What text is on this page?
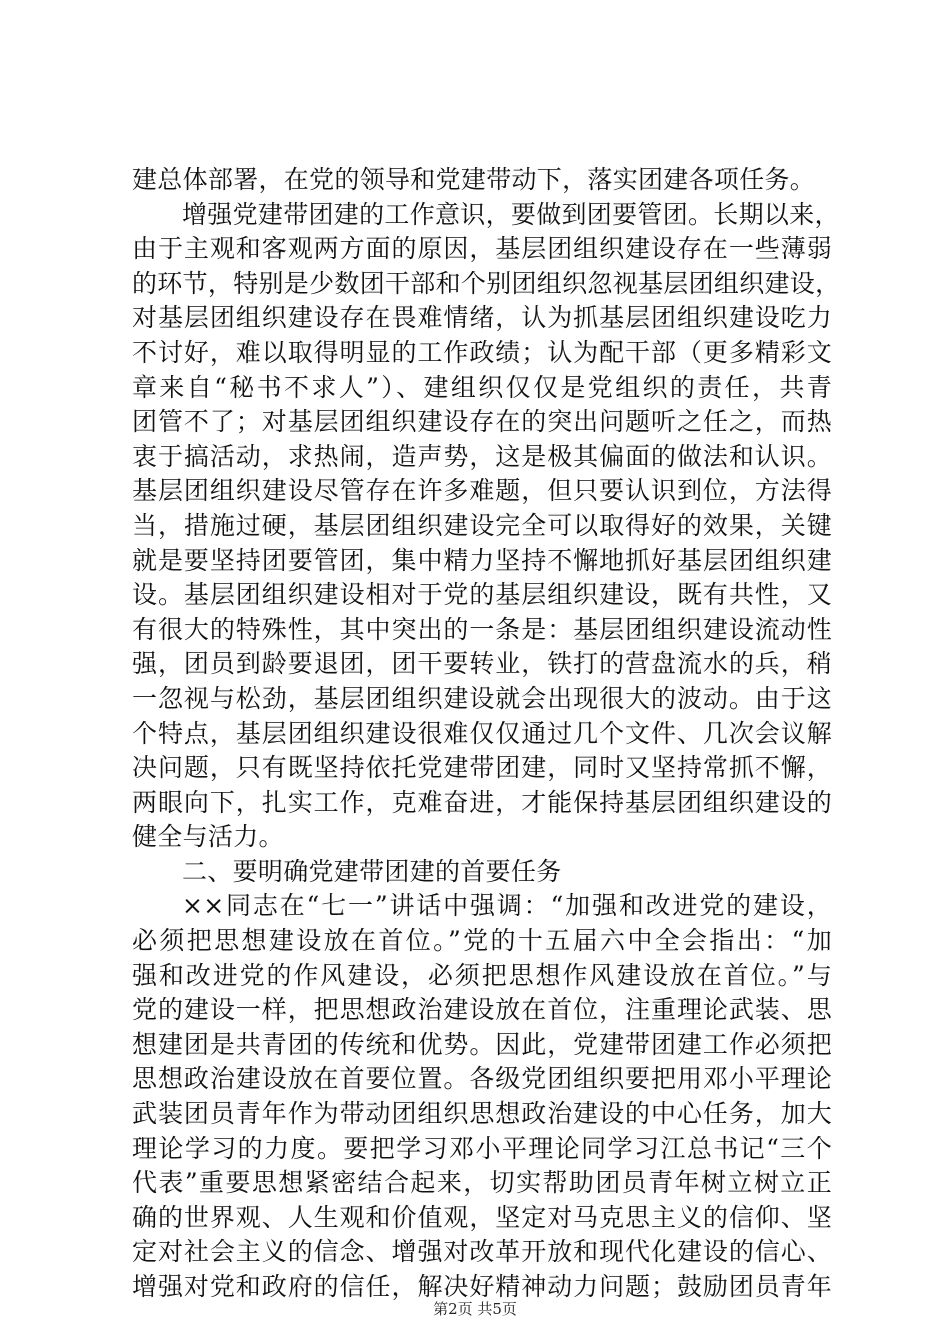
建总体部署，在党的领导和党建带动下，落实团建各项任务。
增强党建带团建的工作意识，要做到团要管团。长期以来，
由于主观和客观两方面的原因，基层团组织建设存在一些薄弱
的环节，特别是少数团干部和个别团组织忽视基层团组织建设，
对基层团组织建设存在畏难情绪，认为抓基层团组织建设吃力
不讨好，难以取得明显的工作政绩；认为配干部（更多精彩文
章来自“秘书不求人”）、建组织仅仅是党组织的责任，共青
团管不了；对基层团组织建设存在的突出问题听之任之，而热
衷于搞活动，求热闹，造声势，这是极其偏面的做法和认识。
基层团组织建设尽管存在许多难题，但只要认识到位，方法得
当，措施过硬，基层团组织建设完全可以取得好的效果，关键
就是要坚持团要管团，集中精力坚持不懈地抓好基层团组织建
设。基层团组织建设相对于党的基层组织建设，既有共性，又
有很大的特殊性，其中突出的一条是：基层团组织建设流动性
强，团员到龄要退团，团干要转业，铁打的营盘流水的兵，稍
一忽视与松劲，基层团组织建设就会出现很大的波动。由于这
个特点，基层团组织建设很难仅仅通过几个文件、几次会议解
决问题，只有既坚持依托党建带团建，同时又坚持常抓不懈，
两眼向下，扎实工作，克难奋进，才能保持基层团组织建设的
健全与活力。
二、要明确党建带团建的首要任务
××同志在“七一”讲话中强调：“加强和改进党的建设，
必须把思想建设放在首位。”党的十五届六中全会指出：“加
强和改进党的作风建设，必须把思想作风建设放在首位。”与
党的建设一样，把思想政治建设放在首位，注重理论武装、思
想建团是共青团的传统和优势。因此，党建带团建工作必须把
思想政治建设放在首要位置。各级党团组织要把用邓小平理论
武装团员青年作为带动团组织思想政治建设的中心任务，加大
理论学习的力度。要把学习邓小平理论同学习江总书记“三个
代表”重要思想紧密结合起来，切实帮助团员青年树立树立正
确的世界观、人生观和价值观，坚定对马克思主义的信仰、坚
定对社会主义的信念、增强对改革开放和现代化建设的信心、
增强对党和政府的信任，解决好精神动力问题；鼓励团员青年
第2页 共5页
